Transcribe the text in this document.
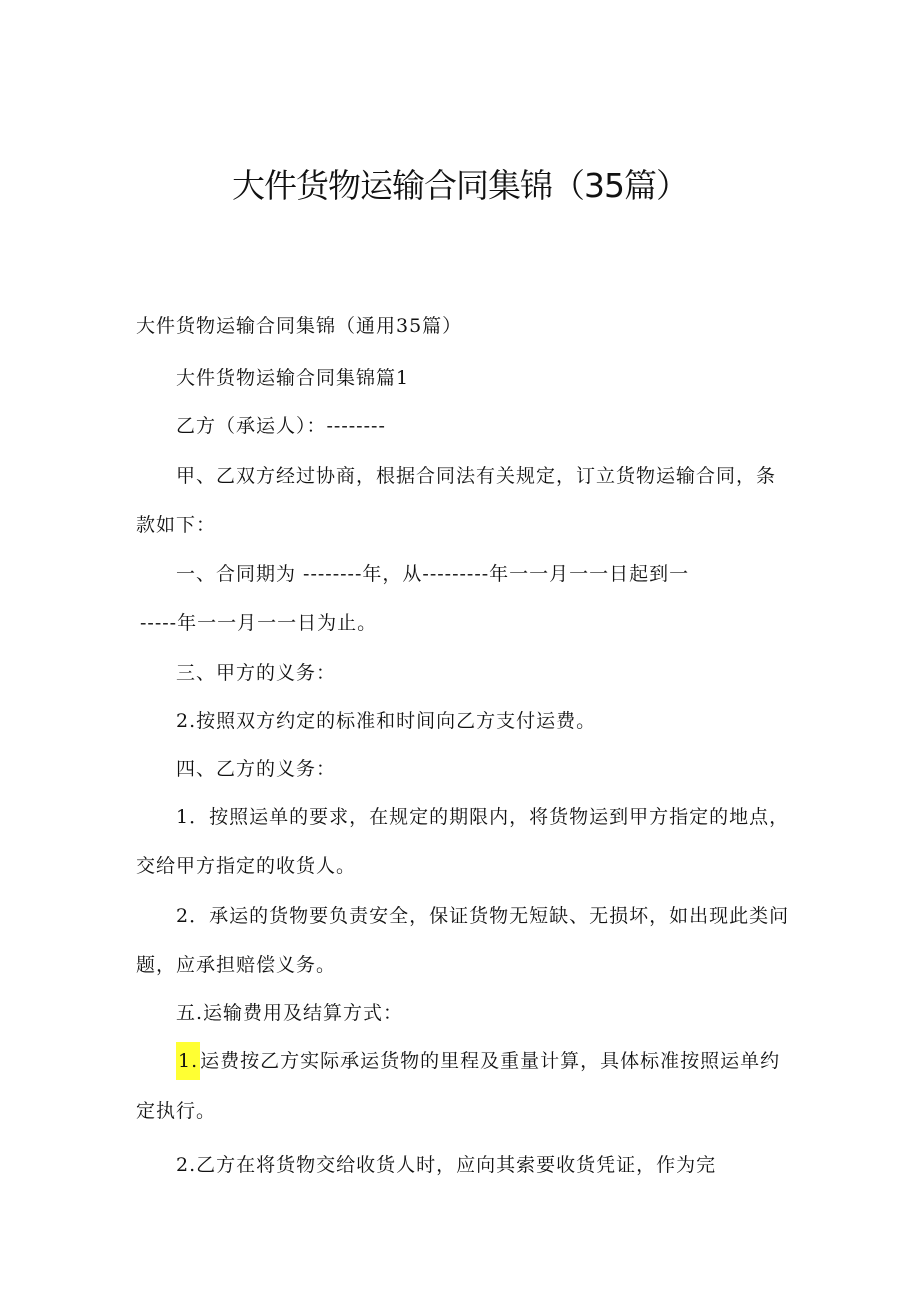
大件货物运输合同集锦（35篇）

大件货物运输合同集锦（通用35篇）

大件货物运输合同集锦篇1

乙方（承运人）：--------

甲、乙双方经过协商，根据合同法有关规定，订立货物运输合同，条

款如下：

一、合同期为 --------年，从---------年一一月一一日起到一

-----年一一月一一日为止。

三、甲方的义务：

2.按照双方约定的标准和时间向乙方支付运费。

四、乙方的义务：

1．按照运单的要求，在规定的期限内，将货物运到甲方指定的地点，

交给甲方指定的收货人。

2．承运的货物要负责安全，保证货物无短缺、无损坏，如出现此类问

题，应承担赔偿义务。

五.运输费用及结算方式：

1. 运费按乙方实际承运货物的里程及重量计算，具体标准按照运单约

定执行。

2.乙方在将货物交给收货人时，应向其索要收货凭证，作为完
